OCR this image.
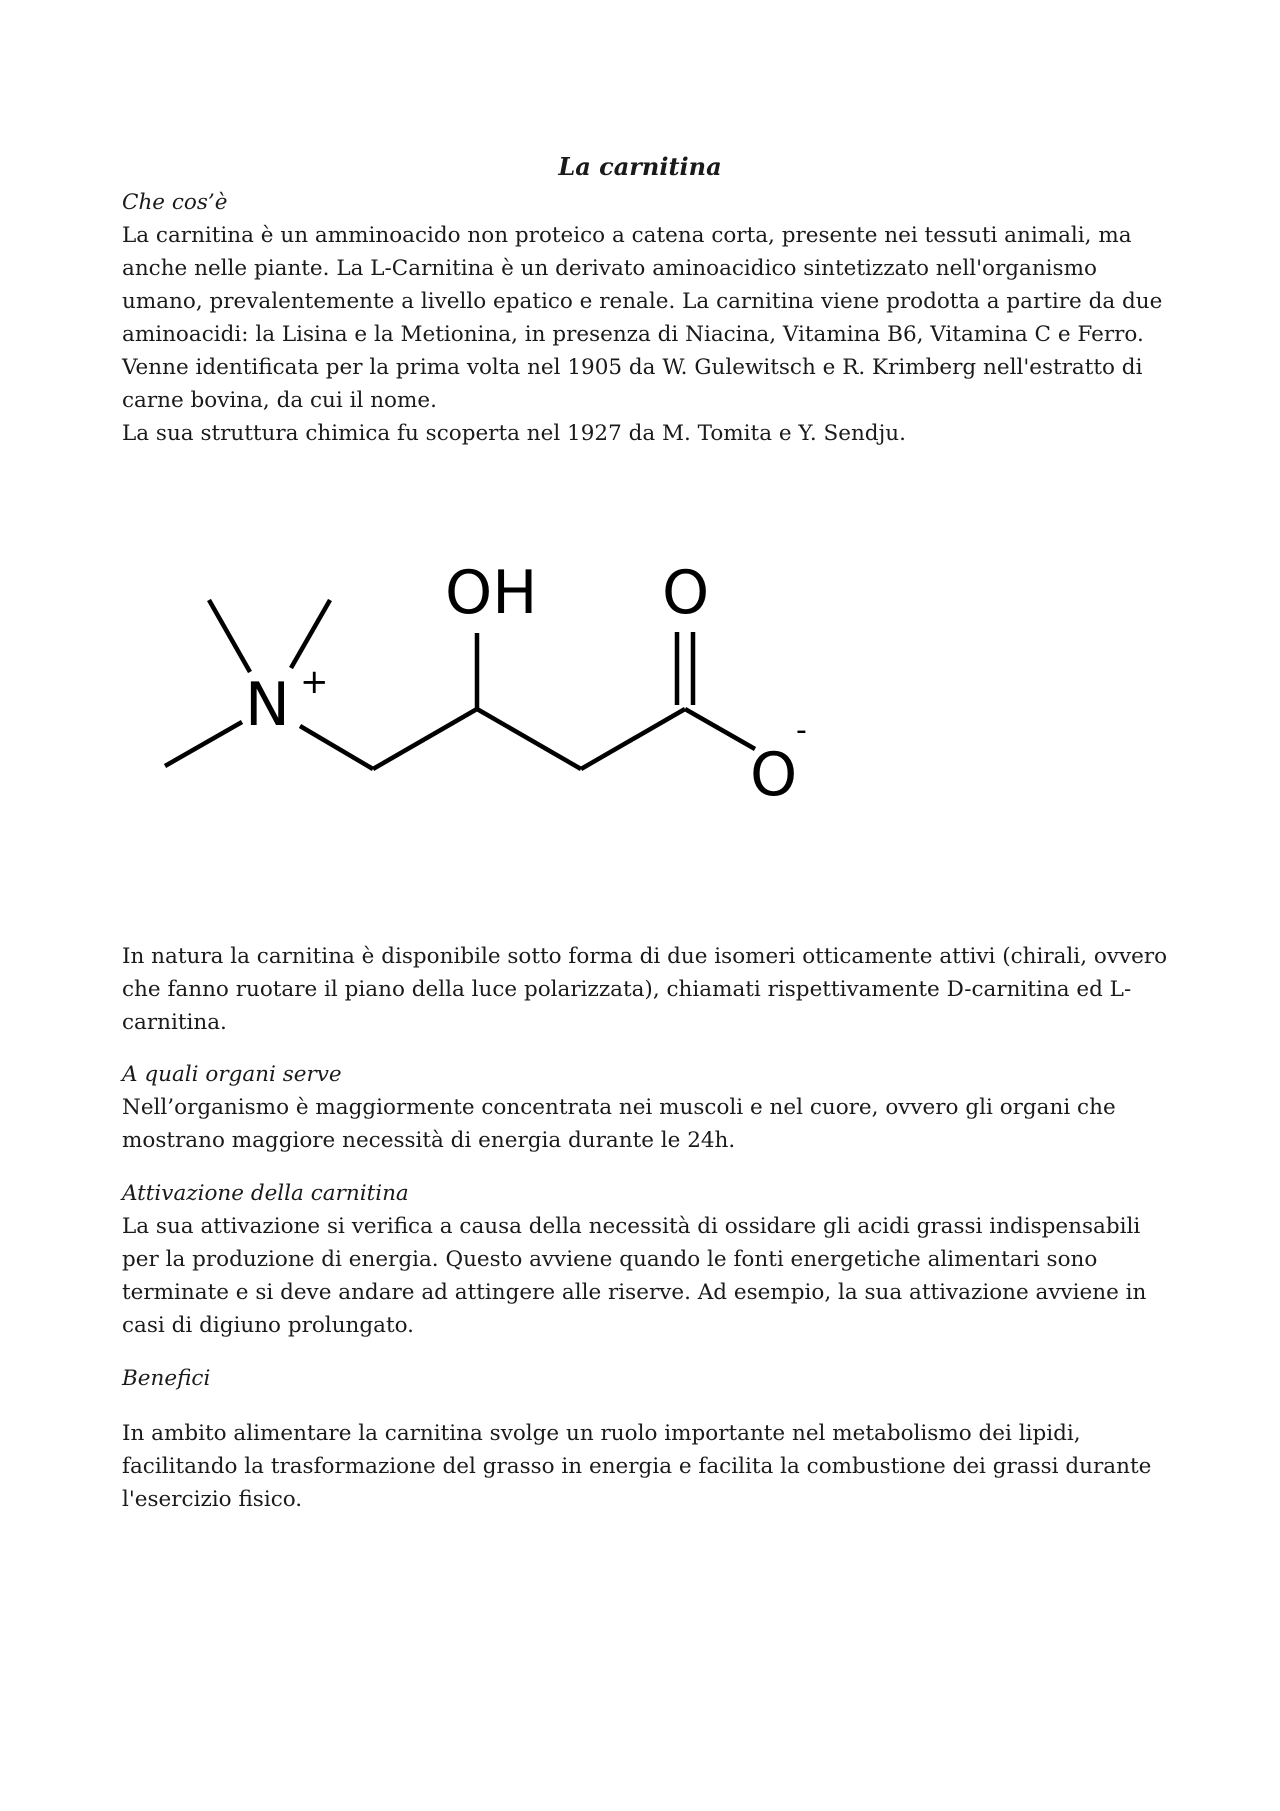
La carnitina

Che cos’è

La carnitina è un amminoacido non proteico a catena corta, presente nei tessuti animali, ma anche nelle piante. La L-Carnitina è un derivato aminoacidico sintetizzato nell'organismo umano, prevalentemente a livello epatico e renale. La carnitina viene prodotta a partire da due aminoacidi: la Lisina e la Metionina, in presenza di Niacina, Vitamina B6, Vitamina C e Ferro.

Venne identificata per la prima volta nel 1905 da W. Gulewitsch e R. Krimberg nell'estratto di carne bovina, da cui il nome.

La sua struttura chimica fu scoperta nel 1927 da M. Tomita e Y. Sendju.

N +
OH O
O
-

In natura la carnitina è disponibile sotto forma di due isomeri otticamente attivi (chirali, ovvero che fanno ruotare il piano della luce polarizzata), chiamati rispettivamente D-carnitina ed L-carnitina.

A quali organi serve

Nell’organismo è maggiormente concentrata nei muscoli e nel cuore, ovvero gli organi che mostrano maggiore necessità di energia durante le 24h.

Attivazione della carnitina

La sua attivazione si verifica a causa della necessità di ossidare gli acidi grassi indispensabili per la produzione di energia. Questo avviene quando le fonti energetiche alimentari sono terminate e si deve andare ad attingere alle riserve. Ad esempio, la sua attivazione avviene in casi di digiuno prolungato.

Benefici

In ambito alimentare la carnitina svolge un ruolo importante nel metabolismo dei lipidi, facilitando la trasformazione del grasso in energia e facilita la combustione dei grassi durante l'esercizio fisico.
